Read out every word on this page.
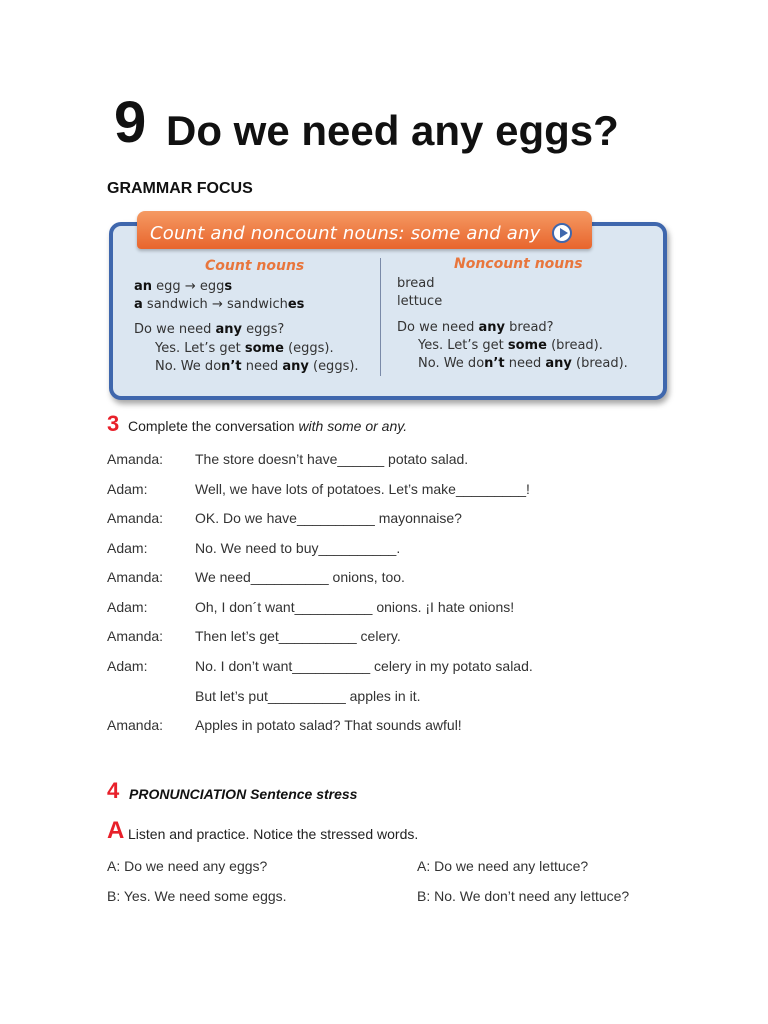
9 Do we need any eggs?
GRAMMAR FOCUS
Count and noncount nouns: some and any
Count nouns
an egg → eggs
a sandwich → sandwiches
Do we need any eggs?
Yes. Let’s get some (eggs).
No. We don’t need any (eggs).
Noncount nouns
bread
lettuce
Do we need any bread?
Yes. Let’s get some (bread).
No. We don’t need any (bread).
3 Complete the conversation with some or any.
Amanda: The store doesn’t have______ potato salad.
Adam:	Well, we have lots of potatoes. Let’s make_________!
Amanda: OK. Do we have__________ mayonnaise?
Adam:	No. We need to buy__________.
Amanda: We need__________ onions, too.
Adam:	Oh, I don´t want__________ onions. ¡I hate onions!
Amanda: Then let’s get__________ celery.
Adam:	No. I don’t want__________ celery in my potato salad.
But let’s put__________ apples in it.
Amanda: Apples in potato salad? That sounds awful!
4 PRONUNCIATION Sentence stress
A Listen and practice. Notice the stressed words.
A: Do we need any eggs?
B: Yes. We need some eggs.
A: Do we need any lettuce?
B: No. We don’t need any lettuce?
